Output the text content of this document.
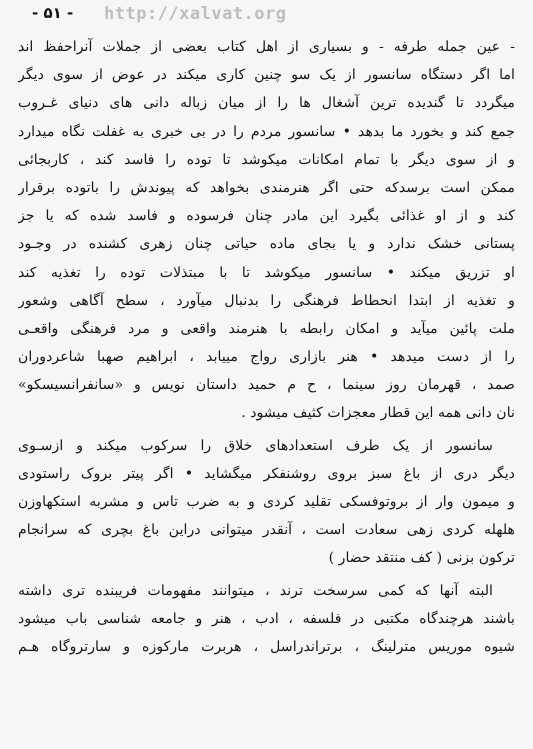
- ۵۱ - http://xalvat.org
- عین جمله طرفه - و بسیاری از اهل کتاب بعضی از جملات آنراحفظ اند
اما اگر دستگاه سانسور از یک سو چنین کاری میکند در عوض از سوی دیگر
میگردد تا گندیده ترین آشغال ها را از میان زباله دانی های دنیای غـروب
جمع کند و بخورد ما بدهد • سانسور مردم را در بی خبری به غفلت نگاه میدارد
و از سوی دیگر با تمام امکانات میکوشد تا توده را فاسد کند ، کاربجائی
ممکن است برسدکه حتی اگر هنرمندی بخواهد که پیوندش را باتوده برقرار
کند و از او غذائی بگیرد این مادر چنان فرسوده و فاسد شده که یا جز
پستانی خشک ندارد و یا بجای ماده حیاتی چنان زهری کشنده در وجـود
او تزریق میکند • سانسور میکوشد تا با مبتذلات توده را تغذیه کند
و تغذیه از ابتدا انحطاط فرهنگی را بدنبال میآورد ، سطح آگاهی وشعور
ملت پائین میآید و امکان رابطه با هنرمند واقعی و مرد فرهنگی واقعـی
را از دست میدهد • هنر بازاری رواج مییابد ، ابراهیم صهبا شاعردوران
صمد ، قهرمان روز سینما ، ح م حمید داستان نویس و «سانفرانسیسکو»
نان دانی همه این قطار معجزات کثیف میشود .
سانسور از یک طرف استعدادهای خلاق را سرکوب میکند و ازسـوی
دیگر دری از باغ سبز بروی روشنفکر میگشاید • اگر پیتر بروک راستودی
و میمون وار از بروتوفسکی تقلید کردی و به ضرب تاس و مشربه استکهاوزن
هلهله کردی زهی سعادت است ، آنقدر میتوانی دراین باغ بچری که سرانجام
ترکون بزنی ( کف منتقد حضار )
البته آنها که کمی سرسخت ترند ، میتوانند مفهومات فریبنده تری داشته
باشند هرچندگاه مکتبی در فلسفه ، ادب ، هنر و جامعه شناسی باب میشود
شیوه موریس مترلینگ ، برتراندراسل ، هربرت مارکوزه و سارتروگاه هـم
